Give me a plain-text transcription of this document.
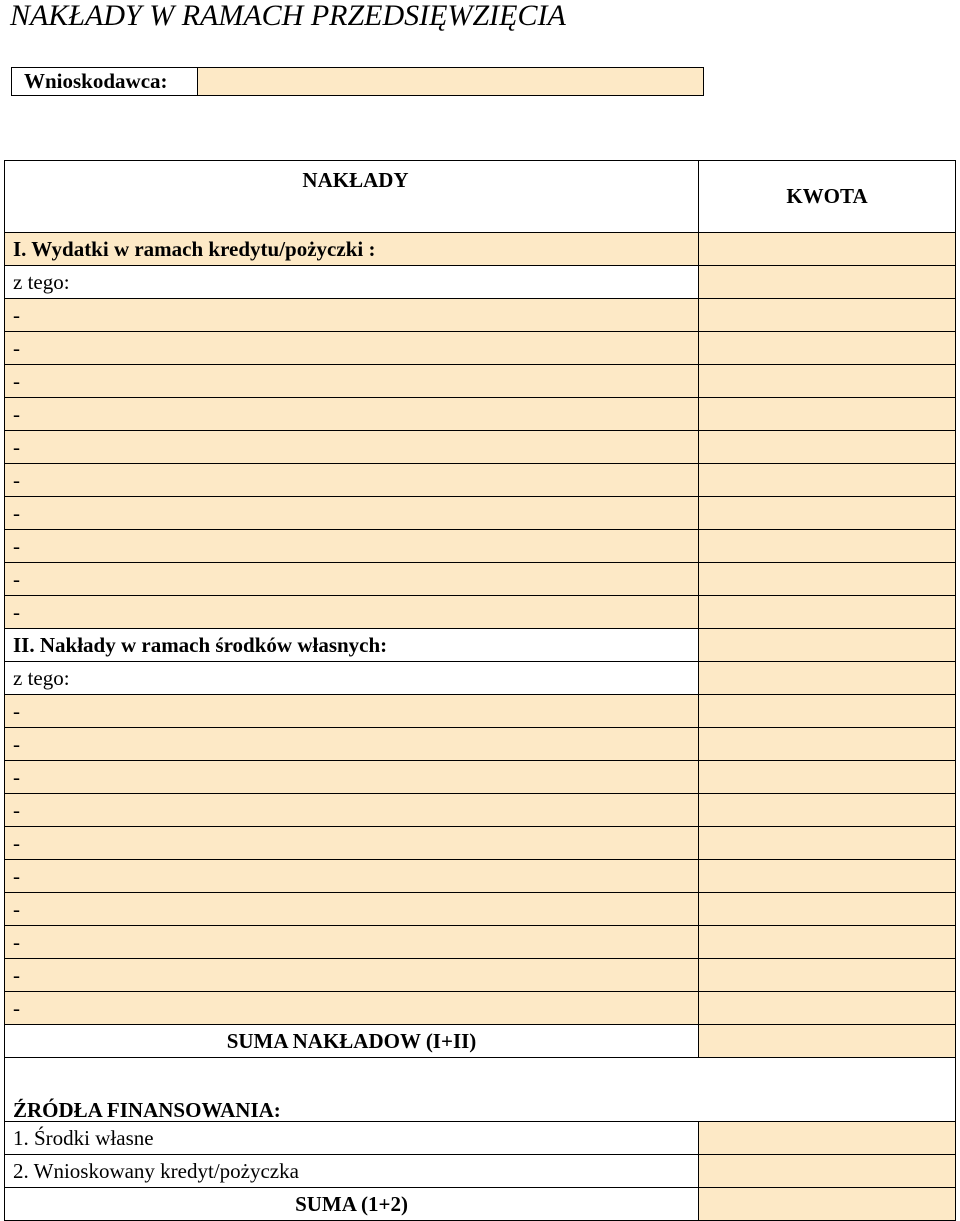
NAKŁADY W RAMACH PRZEDSIĘWZIĘCIA
Wnioskodawca:
NAKŁADY	KWOTA
I. Wydatki w ramach kredytu/pożyczki :	
z tego:	
-	
-	
-	
-	
-	
-	
-	
-	
-	
-	
II. Nakłady w ramach środków własnych:	
z tego:	
-	
-	
-	
-	
-	
-	
-	
-	
-	
-	
SUMA NAKŁADOW (I+II)	
ŹRÓDŁA FINANSOWANIA:	
1. Środki własne	
2. Wnioskowany kredyt/pożyczka	
SUMA (1+2)	
